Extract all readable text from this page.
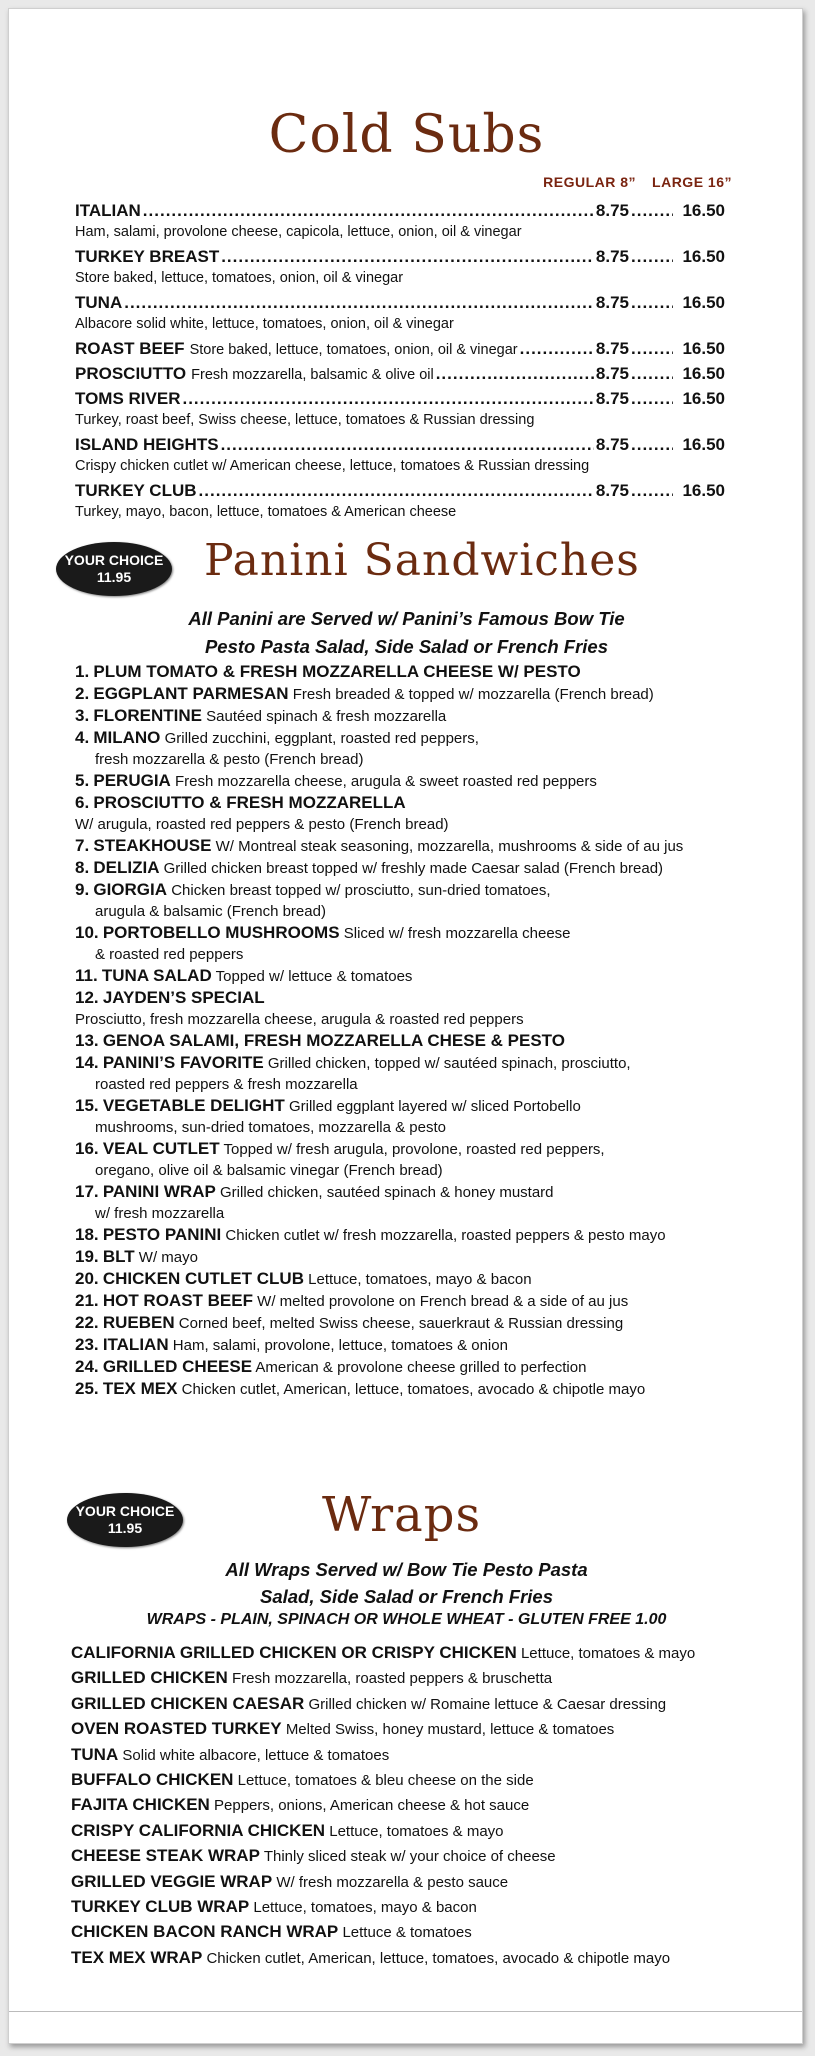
Cold Subs
REGULAR 8” LARGE 16”
ITALIAN .....	8.75 .....	16.50
Ham, salami, provolone cheese, capicola, lettuce, onion, oil & vinegar
TURKEY BREAST .....	8.75 .....	16.50
Store baked, lettuce, tomatoes, onion, oil & vinegar
TUNA .....	8.75 .....	16.50
Albacore solid white, lettuce, tomatoes, onion, oil & vinegar
ROAST BEEF Store baked, lettuce, tomatoes, onion, oil & vinegar .....	8.75 .....	16.50
PROSCIUTTO Fresh mozzarella, balsamic & olive oil .....	8.75 .....	16.50
TOMS RIVER .....	8.75 .....	16.50
Turkey, roast beef, Swiss cheese, lettuce, tomatoes & Russian dressing
ISLAND HEIGHTS .....	8.75 .....	16.50
Crispy chicken cutlet w/ American cheese, lettuce, tomatoes & Russian dressing
TURKEY CLUB .....	8.75 .....	16.50
Turkey, mayo, bacon, lettuce, tomatoes & American cheese
YOUR CHOICE
11.95	Panini Sandwiches
All Panini are Served w/ Panini’s Famous Bow Tie
Pesto Pasta Salad, Side Salad or French Fries
1. PLUM TOMATO & FRESH MOZZARELLA CHEESE W/ PESTO
2. EGGPLANT PARMESAN Fresh breaded & topped w/ mozzarella (French bread)
3. FLORENTINE Sautéed spinach & fresh mozzarella
4. MILANO Grilled zucchini, eggplant, roasted red peppers,
fresh mozzarella & pesto (French bread)
5. PERUGIA Fresh mozzarella cheese, arugula & sweet roasted red peppers
6. PROSCIUTTO & FRESH MOZZARELLA
W/ arugula, roasted red peppers & pesto (French bread)
7. STEAKHOUSE W/ Montreal steak seasoning, mozzarella, mushrooms & side of au jus
8. DELIZIA Grilled chicken breast topped w/ freshly made Caesar salad (French bread)
9. GIORGIA Chicken breast topped w/ prosciutto, sun-dried tomatoes,
arugula & balsamic (French bread)
10. PORTOBELLO MUSHROOMS Sliced w/ fresh mozzarella cheese
& roasted red peppers
11. TUNA SALAD Topped w/ lettuce & tomatoes
12. JAYDEN’S SPECIAL
Prosciutto, fresh mozzarella cheese, arugula & roasted red peppers
13. GENOA SALAMI, FRESH MOZZARELLA CHESE & PESTO
14. PANINI’S FAVORITE Grilled chicken, topped w/ sautéed spinach, prosciutto,
roasted red peppers & fresh mozzarella
15. VEGETABLE DELIGHT Grilled eggplant layered w/ sliced Portobello
mushrooms, sun-dried tomatoes, mozzarella & pesto
16. VEAL CUTLET Topped w/ fresh arugula, provolone, roasted red peppers,
oregano, olive oil & balsamic vinegar (French bread)
17. PANINI WRAP Grilled chicken, sautéed spinach & honey mustard
w/ fresh mozzarella
18. PESTO PANINI Chicken cutlet w/ fresh mozzarella, roasted peppers & pesto mayo
19. BLT W/ mayo
20. CHICKEN CUTLET CLUB Lettuce, tomatoes, mayo & bacon
21. HOT ROAST BEEF W/ melted provolone on French bread & a side of au jus
22. RUEBEN Corned beef, melted Swiss cheese, sauerkraut & Russian dressing
23. ITALIAN Ham, salami, provolone, lettuce, tomatoes & onion
24. GRILLED CHEESE American & provolone cheese grilled to perfection
25. TEX MEX Chicken cutlet, American, lettuce, tomatoes, avocado & chipotle mayo
YOUR CHOICE
11.95	Wraps
All Wraps Served w/ Bow Tie Pesto Pasta
Salad, Side Salad or French Fries
WRAPS - PLAIN, SPINACH OR WHOLE WHEAT - GLUTEN FREE 1.00
CALIFORNIA GRILLED CHICKEN OR CRISPY CHICKEN Lettuce, tomatoes & mayo
GRILLED CHICKEN Fresh mozzarella, roasted peppers & bruschetta
GRILLED CHICKEN CAESAR Grilled chicken w/ Romaine lettuce & Caesar dressing
OVEN ROASTED TURKEY Melted Swiss, honey mustard, lettuce & tomatoes
TUNA Solid white albacore, lettuce & tomatoes
BUFFALO CHICKEN Lettuce, tomatoes & bleu cheese on the side
FAJITA CHICKEN Peppers, onions, American cheese & hot sauce
CRISPY CALIFORNIA CHICKEN Lettuce, tomatoes & mayo
CHEESE STEAK WRAP Thinly sliced steak w/ your choice of cheese
GRILLED VEGGIE WRAP W/ fresh mozzarella & pesto sauce
TURKEY CLUB WRAP Lettuce, tomatoes, mayo & bacon
CHICKEN BACON RANCH WRAP Lettuce & tomatoes
TEX MEX WRAP Chicken cutlet, American, lettuce, tomatoes, avocado & chipotle mayo
